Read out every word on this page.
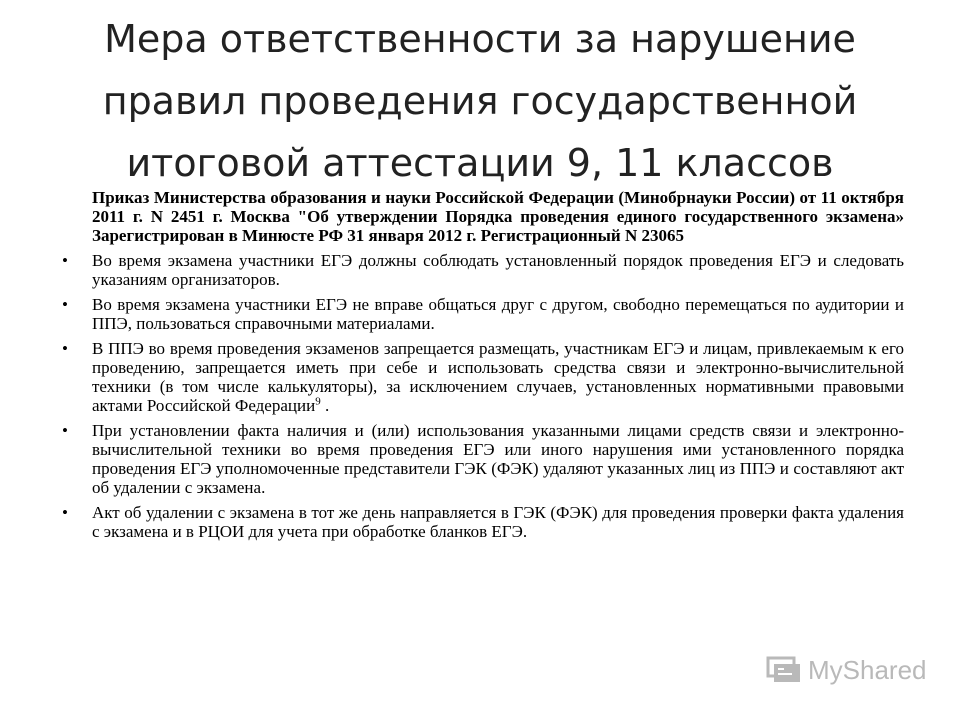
Мера ответственности за нарушение правил проведения государственной итоговой аттестации 9, 11 классов

Приказ Министерства образования и науки Российской Федерации (Минобрнауки России) от 11 октября 2011 г. N 2451 г. Москва "Об утверждении Порядка проведения единого государственного экзамена» Зарегистрирован в Минюсте РФ 31 января 2012 г. Регистрационный N 23065

• Во время экзамена участники ЕГЭ должны соблюдать установленный порядок проведения ЕГЭ и следовать указаниям организаторов.
• Во время экзамена участники ЕГЭ не вправе общаться друг с другом, свободно перемещаться по аудитории и ППЭ, пользоваться справочными материалами.
• В ППЭ во время проведения экзаменов запрещается размещать, участникам ЕГЭ и лицам, привлекаемым к его проведению, запрещается иметь при себе и использовать средства связи и электронно-вычислительной техники (в том числе калькуляторы), за исключением случаев, установленных нормативными правовыми актами Российской Федерации$^9$ .
• При установлении факта наличия и (или) использования указанными лицами средств связи и электронно-вычислительной техники во время проведения ЕГЭ или иного нарушения ими установленного порядка проведения ЕГЭ уполномоченные представители ГЭК (ФЭК) удаляют указанных лиц из ППЭ и составляют акт об удалении с экзамена.
• Акт об удалении с экзамена в тот же день направляется в ГЭК (ФЭК) для проведения проверки факта удаления с экзамена и в РЦОИ для учета при обработке бланков ЕГЭ.
MyShared
